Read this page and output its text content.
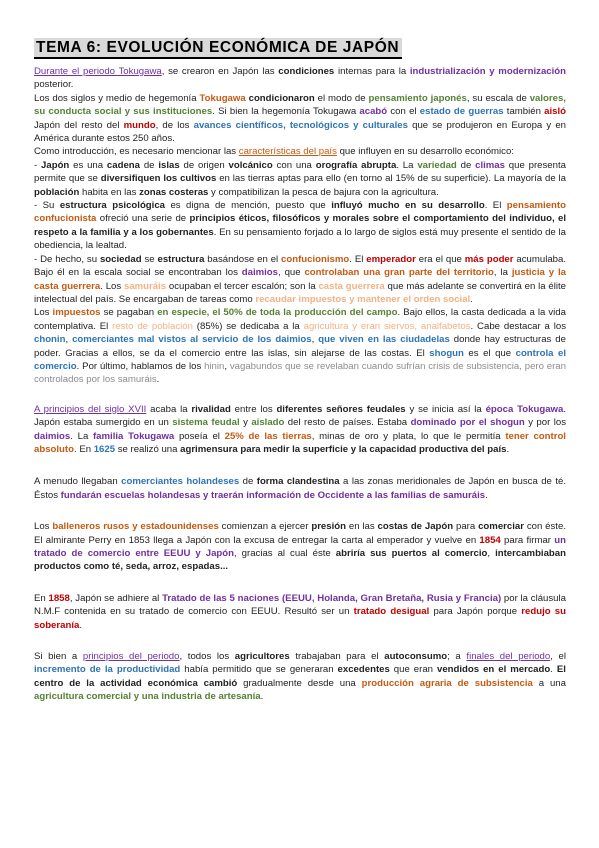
TEMA 6: EVOLUCIÓN ECONÓMICA DE JAPÓN

Durante el periodo Tokugawa, se crearon en Japón las condiciones internas para la industrialización y modernización posterior.

Los dos siglos y medio de hegemonía Tokugawa condicionaron el modo de pensamiento japonés, su escala de valores, su conducta social y sus instituciones. Si bien la hegemonía Tokugawa acabó con el estado de guerras también aisló Japón del resto del mundo, de los avances científicos, tecnológicos y culturales que se produjeron en Europa y en América durante estos 250 años.

Como introducción, es necesario mencionar las características del país que influyen en su desarrollo económico:

- Japón es una cadena de islas de origen volcánico con una orografía abrupta. La variedad de climas que presenta permite que se diversifiquen los cultivos en las tierras aptas para ello (en torno al 15% de su superficie). La mayoría de la población habita en las zonas costeras y compatibilizan la pesca de bajura con la agricultura.

- Su estructura psicológica es digna de mención, puesto que influyó mucho en su desarrollo. El pensamiento confucionista ofreció una serie de principios éticos, filosóficos y morales sobre el comportamiento del individuo, el respeto a la familia y a los gobernantes. En su pensamiento forjado a lo largo de siglos está muy presente el sentido de la obediencia, la lealtad.

- De hecho, su sociedad se estructura basándose en el confucionismo. El emperador era el que más poder acumulaba. Bajo él en la escala social se encontraban los daimios, que controlaban una gran parte del territorio, la justicia y la casta guerrera. Los samuráis ocupaban el tercer escalón; son la casta guerrera que más adelante se convertirá en la élite intelectual del país. Se encargaban de tareas como recaudar impuestos y mantener el orden social.

Los impuestos se pagaban en especie, el 50% de toda la producción del campo. Bajo ellos, la casta dedicada a la vida contemplativa. El resto de población (85%) se dedicaba a la agricultura y eran siervos, analfabetos. Cabe destacar a los chonin, comerciantes mal vistos al servicio de los daimios, que viven en las ciudadelas donde hay estructuras de poder. Gracias a ellos, se da el comercio entre las islas, sin alejarse de las costas. El shogun es el que controla el comercio. Por último, hablamos de los hinin, vagabundos que se revelaban cuando sufrían crisis de subsistencia, pero eran controlados por los samuráis.

A principios del siglo XVII acaba la rivalidad entre los diferentes señores feudales y se inicia así la época Tokugawa. Japón estaba sumergido en un sistema feudal y aislado del resto de países. Estaba dominado por el shogun y por los daimios. La familia Tokugawa poseía el 25% de las tierras, minas de oro y plata, lo que le permitía tener control absoluto. En 1625 se realizó una agrimensura para medir la superficie y la capacidad productiva del país.

A menudo llegaban comerciantes holandeses de forma clandestina a las zonas meridionales de Japón en busca de té. Éstos fundarán escuelas holandesas y traerán información de Occidente a las familias de samuráis.

Los balleneros rusos y estadounidenses comienzan a ejercer presión en las costas de Japón para comerciar con éste. El almirante Perry en 1853 llega a Japón con la excusa de entregar la carta al emperador y vuelve en 1854 para firmar un tratado de comercio entre EEUU y Japón, gracias al cual éste abriría sus puertos al comercio, intercambiaban productos como té, seda, arroz, espadas...

En 1858, Japón se adhiere al Tratado de las 5 naciones (EEUU, Holanda, Gran Bretaña, Rusia y Francia) por la cláusula N.M.F contenida en su tratado de comercio con EEUU. Resultó ser un tratado desigual para Japón porque redujo su soberanía.

Si bien a principios del periodo, todos los agricultores trabajaban para el autoconsumo; a finales del periodo, el incremento de la productividad había permitido que se generaran excedentes que eran vendidos en el mercado. El centro de la actividad económica cambió gradualmente desde una producción agraria de subsistencia a una agricultura comercial y una industria de artesanía.
